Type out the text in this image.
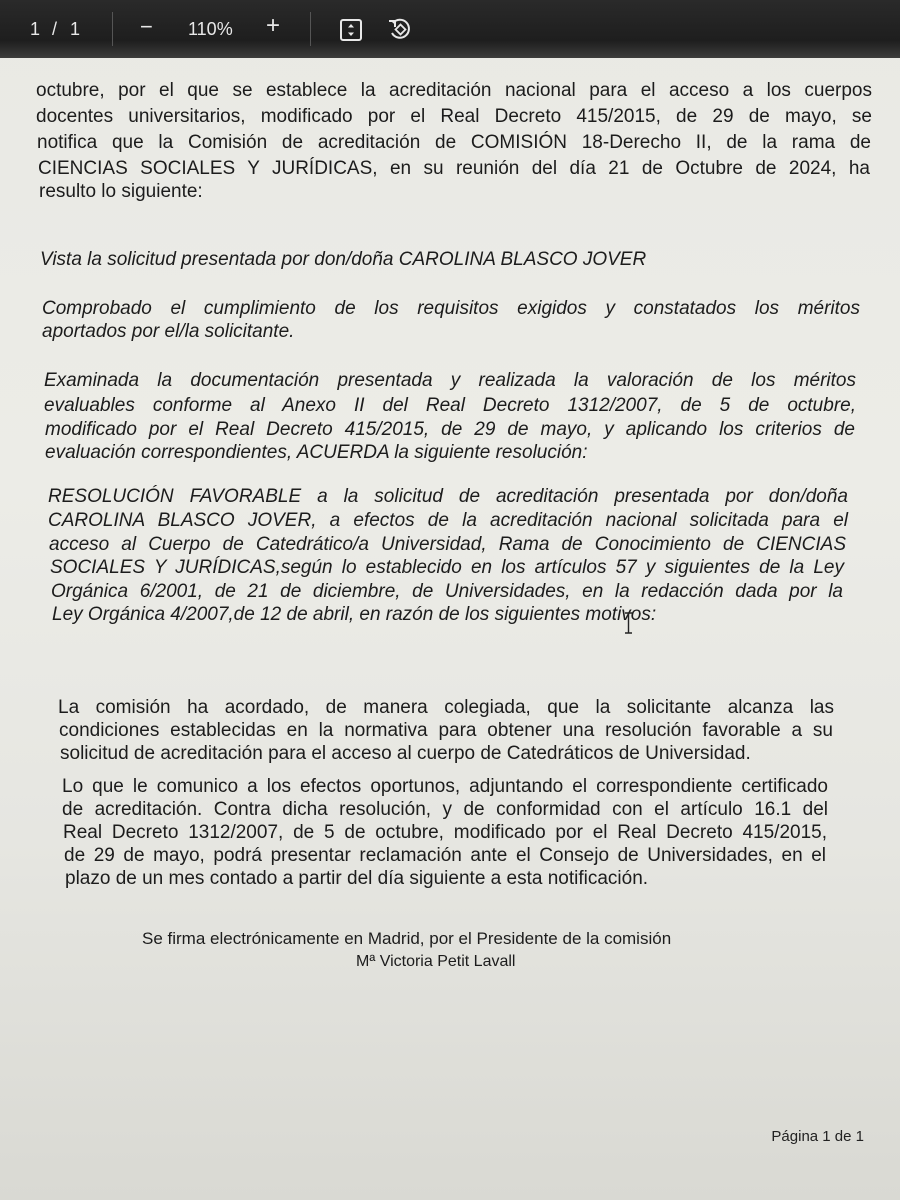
octubre, por el que se establece la acreditación nacional para el acceso a los cuerpos
docentes universitarios, modificado por el Real Decreto 415/2015, de 29 de mayo, se
notifica que la Comisión de acreditación de COMISIÓN 18-Derecho II, de la rama de
CIENCIAS SOCIALES Y JURÍDICAS, en su reunión del día 21 de Octubre de 2024, ha
resulto lo siguiente:
Vista la solicitud presentada por don/doña CAROLINA BLASCO JOVER
Comprobado el cumplimiento de los requisitos exigidos y constatados los méritos
aportados por el/la solicitante.
Examinada la documentación presentada y realizada la valoración de los méritos
evaluables conforme al Anexo II del Real Decreto 1312/2007, de 5 de octubre,
modificado por el Real Decreto 415/2015, de 29 de mayo, y aplicando los criterios de
evaluación correspondientes, ACUERDA la siguiente resolución:
RESOLUCIÓN FAVORABLE a la solicitud de acreditación presentada por don/doña
CAROLINA BLASCO JOVER, a efectos de la acreditación nacional solicitada para el
acceso al Cuerpo de Catedrático/a Universidad, Rama de Conocimiento de CIENCIAS
SOCIALES Y JURÍDICAS,según lo establecido en los artículos 57 y siguientes de la Ley
Orgánica 6/2001, de 21 de diciembre, de Universidades, en la redacción dada por la
Ley Orgánica 4/2007,de 12 de abril, en razón de los siguientes motivos:
La comisión ha acordado, de manera colegiada, que la solicitante alcanza las
condiciones establecidas en la normativa para obtener una resolución favorable a su
solicitud de acreditación para el acceso al cuerpo de Catedráticos de Universidad.
Lo que le comunico a los efectos oportunos, adjuntando el correspondiente certificado
de acreditación. Contra dicha resolución, y de conformidad con el artículo 16.1 del
Real Decreto 1312/2007, de 5 de octubre, modificado por el Real Decreto 415/2015,
de 29 de mayo, podrá presentar reclamación ante el Consejo de Universidades, en el
plazo de un mes contado a partir del día siguiente a esta notificación.
Se firma electrónicamente en Madrid, por el Presidente de la comisión
Mª Victoria Petit Lavall
Página 1 de 1
1 / 1	− 110% +
